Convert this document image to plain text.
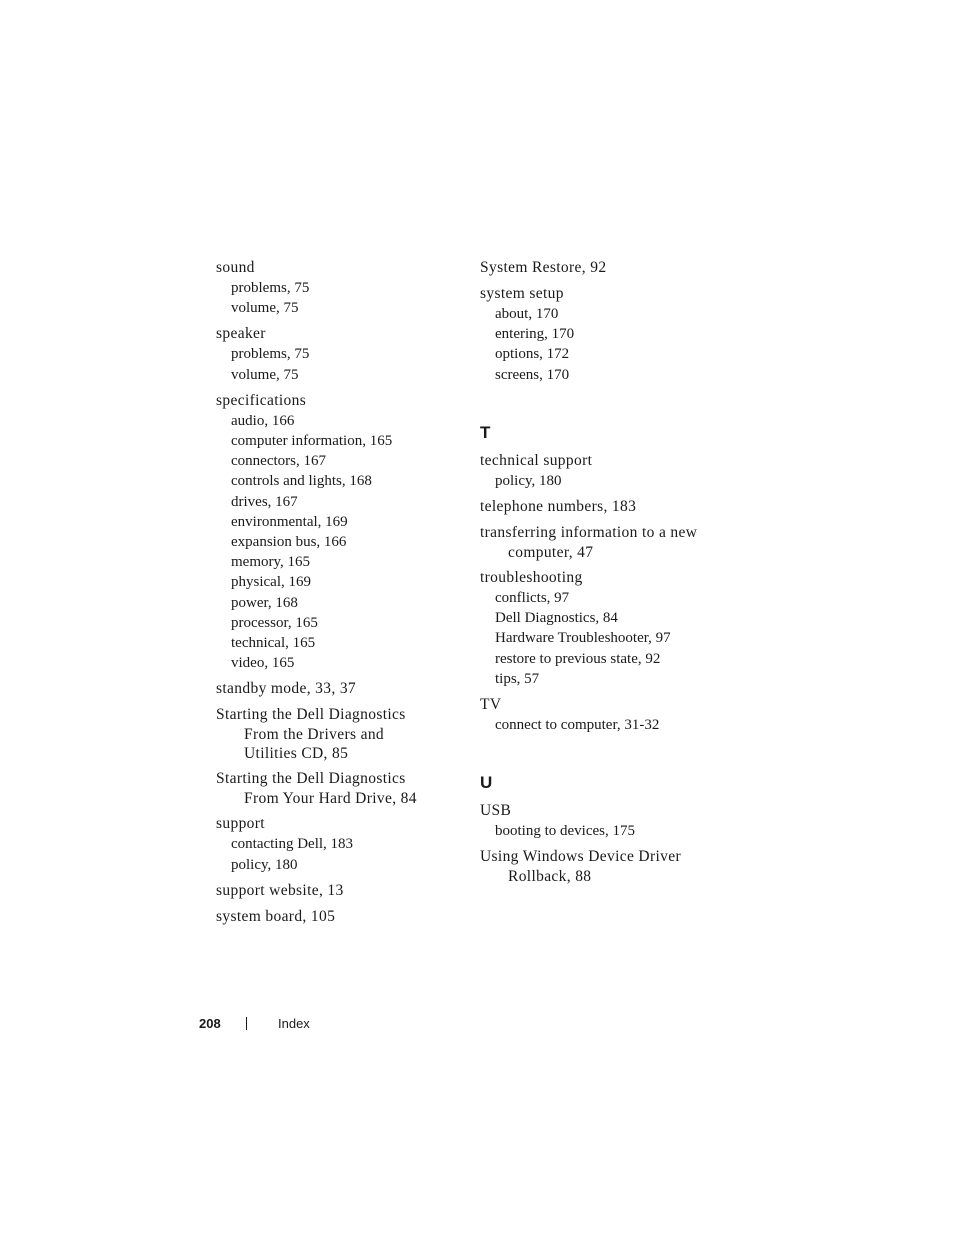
sound
problems, 75
volume, 75
speaker
problems, 75
volume, 75
specifications
audio, 166
computer information, 165
connectors, 167
controls and lights, 168
drives, 167
environmental, 169
expansion bus, 166
memory, 165
physical, 169
power, 168
processor, 165
technical, 165
video, 165
standby mode, 33, 37
Starting the Dell Diagnostics
From the Drivers and
Utilities CD, 85
Starting the Dell Diagnostics
From Your Hard Drive, 84
support
contacting Dell, 183
policy, 180
support website, 13
system board, 105
System Restore, 92
system setup
about, 170
entering, 170
options, 172
screens, 170
T
technical support
policy, 180
telephone numbers, 183
transferring information to a new
computer, 47
troubleshooting
conflicts, 97
Dell Diagnostics, 84
Hardware Troubleshooter, 97
restore to previous state, 92
tips, 57
TV
connect to computer, 31-32
U
USB
booting to devices, 175
Using Windows Device Driver
Rollback, 88
208	Index
